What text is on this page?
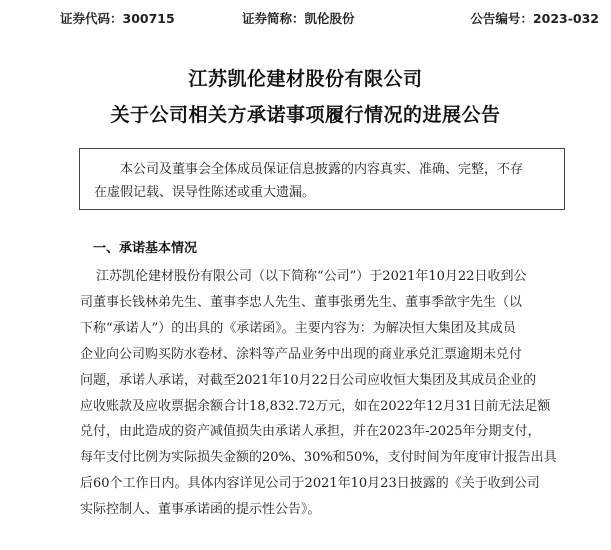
证券代码：300715	证券简称：凯伦股份	公告编号：2023-032
江苏凯伦建材股份有限公司
关于公司相关方承诺事项履行情况的进展公告
本公司及董事会全体成员保证信息披露的内容真实、准确、完整，不存
在虚假记载、误导性陈述或重大遗漏。
一、承诺基本情况
江苏凯伦建材股份有限公司（以下简称“公司”）于2021年10月22日收到公
司董事长钱林弟先生、董事李忠人先生、董事张勇先生、董事季歆宇先生（以
下称“承诺人”）的出具的《承诺函》。主要内容为：为解决恒大集团及其成员
企业向公司购买防水卷材、涂料等产品业务中出现的商业承兑汇票逾期未兑付
问题，承诺人承诺，对截至2021年10月22日公司应收恒大集团及其成员企业的
应收账款及应收票据余额合计18,832.72万元，如在2022年12月31日前无法足额
兑付，由此造成的资产减值损失由承诺人承担，并在2023年-2025年分期支付，
每年支付比例为实际损失金额的20%、30%和50%，支付时间为年度审计报告出具
后60个工作日内。具体内容详见公司于2021年10月23日披露的《关于收到公司
实际控制人、董事承诺函的提示性公告》。
